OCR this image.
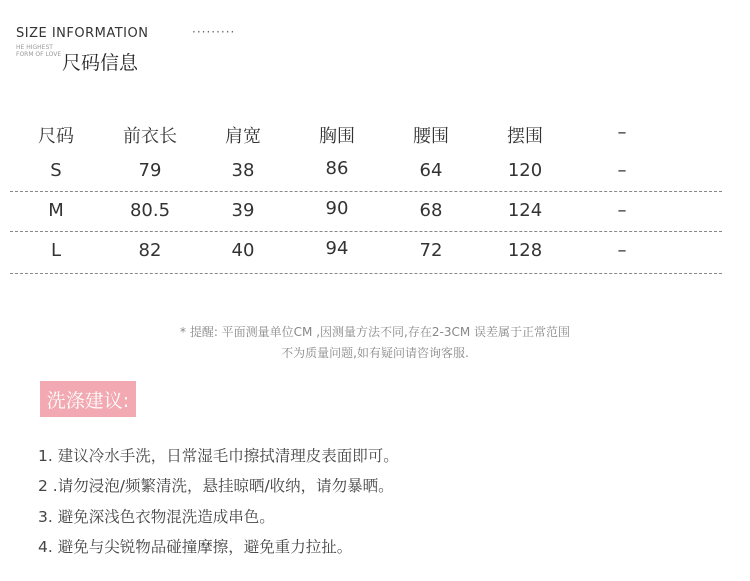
SIZE INFORMATION	·········
HE HIGHEST
FORM OF LOVE 尺码信息
尺码	前衣长	肩宽	胸围	腰围	摆围	–
S	79	38	86	64	120	–
M	80.5	39	90	68	124	–
L	82	40	94	72	128	–
* 提醒: 平面测量单位CM ,因测量方法不同,存在2-3CM 误差属于正常范围
不为质量问题,如有疑问请咨询客服.
洗涤建议:
1. 建议冷水手洗，日常湿毛巾擦拭清理皮表面即可。
2 .请勿浸泡/频繁清洗，悬挂晾晒/收纳，请勿暴晒。
3. 避免深浅色衣物混洗造成串色。
4. 避免与尖锐物品碰撞摩擦，避免重力拉扯。
